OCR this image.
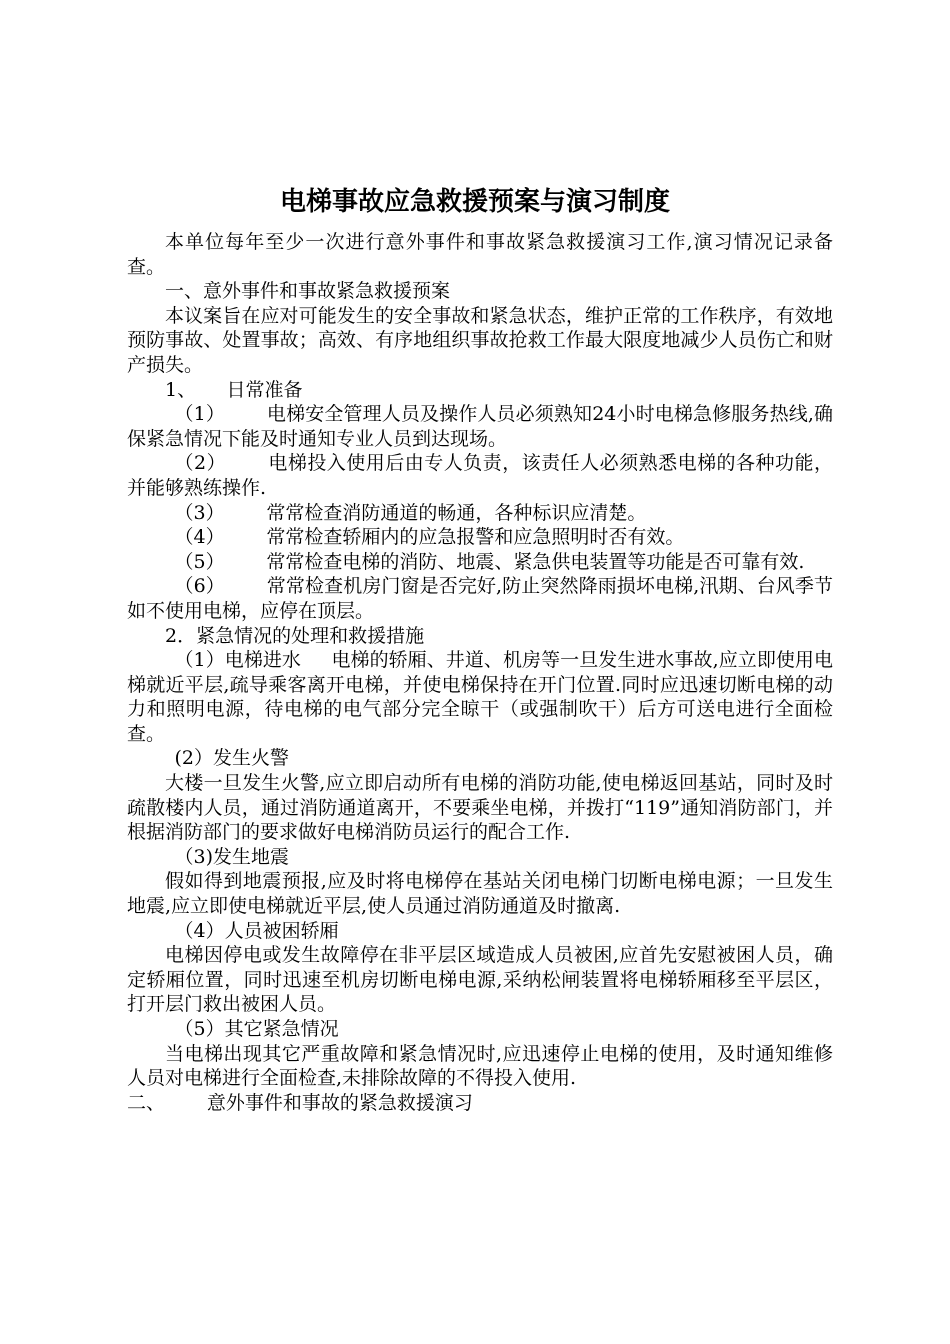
电梯事故应急救援预案与演习制度

本单位每年至少一次进行意外事件和事故紧急救援演习工作,演习情况记录备查。

一、意外事件和事故紧急救援预案

本议案旨在应对可能发生的安全事故和紧急状态，维护正常的工作秩序，有效地预防事故、处置事故；高效、有序地组织事故抢救工作最大限度地减少人员伤亡和财产损失。

1、 日常准备

（1） 电梯安全管理人员及操作人员必须熟知24小时电梯急修服务热线,确保紧急情况下能及时通知专业人员到达现场。

（2） 电梯投入使用后由专人负责，该责任人必须熟悉电梯的各种功能，并能够熟练操作.

（3） 常常检查消防通道的畅通，各种标识应清楚。

（4） 常常检查轿厢内的应急报警和应急照明时否有效。

（5） 常常检查电梯的消防、地震、紧急供电装置等功能是否可靠有效.

（6） 常常检查机房门窗是否完好,防止突然降雨损坏电梯,汛期、台风季节如不使用电梯，应停在顶层。

2．紧急情况的处理和救援措施

（1）电梯进水 电梯的轿厢、井道、机房等一旦发生进水事故,应立即使用电梯就近平层,疏导乘客离开电梯，并使电梯保持在开门位置.同时应迅速切断电梯的动力和照明电源，待电梯的电气部分完全晾干（或强制吹干）后方可送电进行全面检查。

(2）发生火警

大楼一旦发生火警,应立即启动所有电梯的消防功能,使电梯返回基站，同时及时疏散楼内人员，通过消防通道离开，不要乘坐电梯，并拨打“119”通知消防部门，并根据消防部门的要求做好电梯消防员运行的配合工作.

（3)发生地震

假如得到地震预报,应及时将电梯停在基站关闭电梯门切断电梯电源；一旦发生地震,应立即使电梯就近平层,使人员通过消防通道及时撤离.

（4）人员被困轿厢

电梯因停电或发生故障停在非平层区域造成人员被困,应首先安慰被困人员，确定轿厢位置，同时迅速至机房切断电梯电源,采纳松闸装置将电梯轿厢移至平层区，打开层门救出被困人员。

（5）其它紧急情况

当电梯出现其它严重故障和紧急情况时,应迅速停止电梯的使用，及时通知维修人员对电梯进行全面检查,未排除故障的不得投入使用.

二、 意外事件和事故的紧急救援演习
